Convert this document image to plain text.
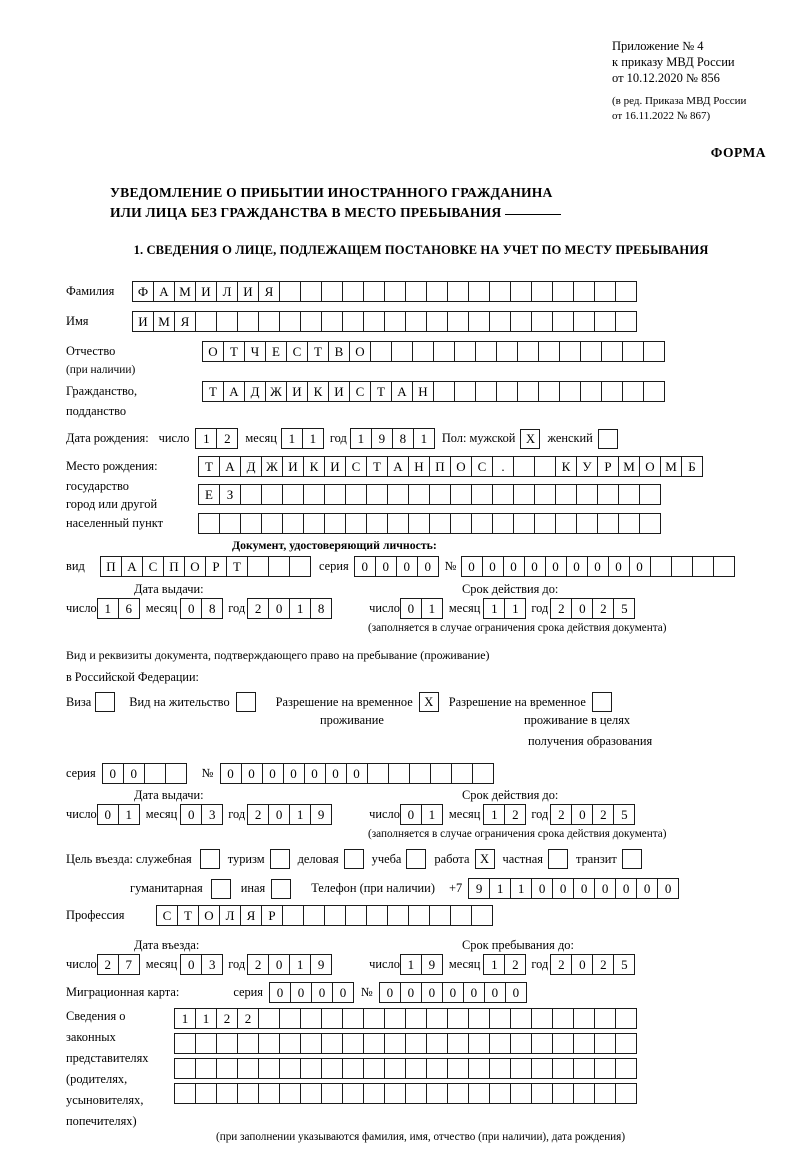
Приложение № 4
к приказу МВД России
от 10.12.2020 № 856
(в ред. Приказа МВД России
от 16.11.2022 № 867)
ФОРМА
УВЕДОМЛЕНИЕ О ПРИБЫТИИ ИНОСТРАННОГО ГРАЖДАНИНА
ИЛИ ЛИЦА БЕЗ ГРАЖДАНСТВА В МЕСТО ПРЕБЫВАНИЯ
1. СВЕДЕНИЯ О ЛИЦЕ, ПОДЛЕЖАЩЕМ ПОСТАНОВКЕ НА УЧЕТ ПО МЕСТУ ПРЕБЫВАНИЯ
Фамилия	Ф А М И Л И Я
Имя	И М Я
Отчество	О Т Ч Е С Т В О
(при наличии)
Гражданство,	Т А Д Ж И К И С Т А Н
подданство
Дата рождения: число	1	2	месяц 1	1	год 1	9	8	1	Пол: мужской X	женский
Место рождения:	Т А Д Ж И К И С Т А Н П О С	.	К У Р М О М Б
государство
Е	З
город или другой
населенный пункт
Документ, удостоверяющий личность:
вид	П А С П О Р	Т	серия 0	0	0	0	№ 0	0	0	0	0	0	0	0	0
Дата выдачи:	Срок действия до:
число 1	6	месяц 0	8	год 2	0	1	8	число 0	1	месяц 1	1	год 2	0	2	5
(заполняется в случае ограничения срока действия документа)
Вид и реквизиты документа, подтверждающего право на пребывание (проживание)
в Российской Федерации:
Виза	Вид на жительство	Разрешение на временное X	Разрешение на временное
проживание	проживание в целях
получения образования
серия	0	0	№	0	0	0	0	0	0	0
Дата выдачи:	Срок действия до:
число 0	1	месяц 0	3	год 2	0	1	9	число 0	1	месяц 1	2	год 2	0	2	5
(заполняется в случае ограничения срока действия документа)
Цель въезда: служебная	туризм	деловая	учеба	работа X	частная	транзит
гуманитарная	иная	Телефон (при наличии) +7	9	1	1	0	0	0	0	0	0	0
Профессия	С Т О Л Я	Р
Дата въезда:	Срок пребывания до:
число 2	7	месяц 0	3	год 2	0	1	9	число 1	9	месяц 1	2	год 2	0	2	5
Миграционная карта:	серия	0	0	0	0	№	0	0	0	0	0	0	0
Сведения о
законных
представителях
(родителях,
усыновителях,
попечителях)
1	1	2	2
(при заполнении указываются фамилия, имя, отчество (при наличии), дата рождения)
